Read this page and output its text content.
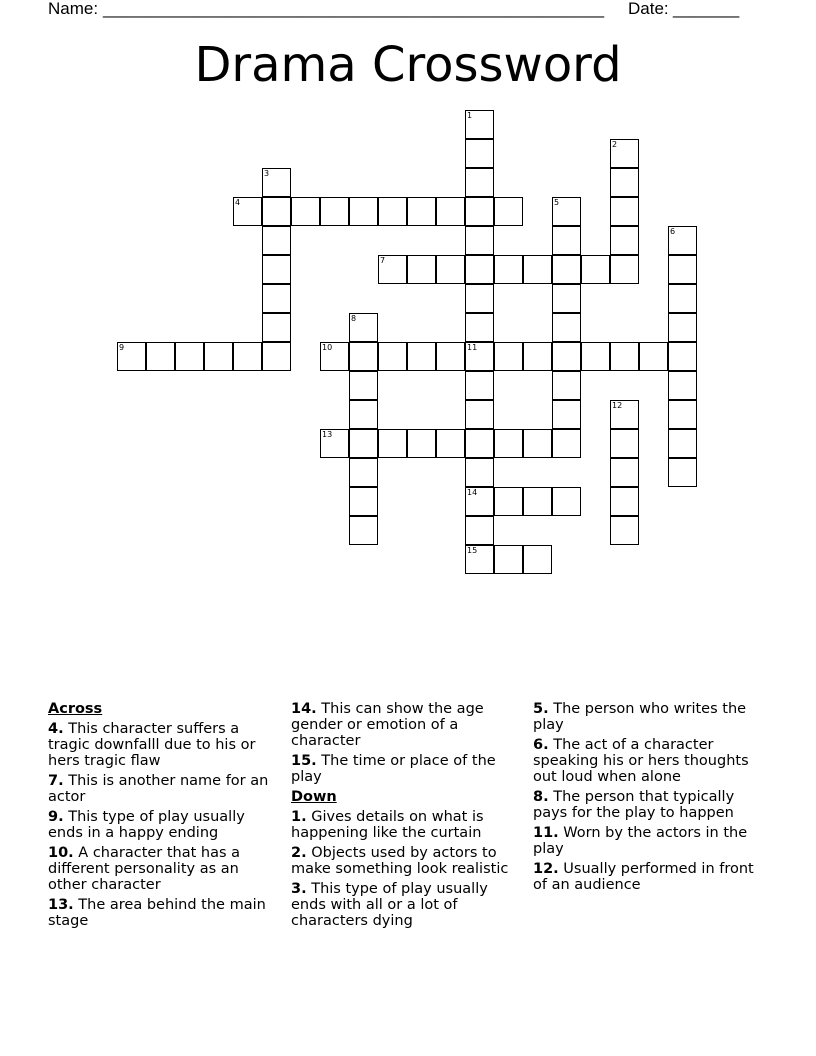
Name: _____________________________________________________ Date: _______
Drama Crossword
4
7
9	10	11
13
14
15
1
2
3
5
6
8
12
Across
4. This character suffers a tragic downfalll due to his or hers tragic flaw
7. This is another name for an actor
9. This type of play usually ends in a happy ending
10. A character that has a different personality as an other character
13. The area behind the main stage
14. This can show the age gender or emotion of a character
15. The time or place of the play
Down
1. Gives details on what is happening like the curtain
2. Objects used by actors to make something look realistic
3. This type of play usually ends with all or a lot of characters dying
5. The person who writes the play
6. The act of a character speaking his or hers thoughts out loud when alone
8. The person that typically pays for the play to happen
11. Worn by the actors in the play
12. Usually performed in front of an audience
